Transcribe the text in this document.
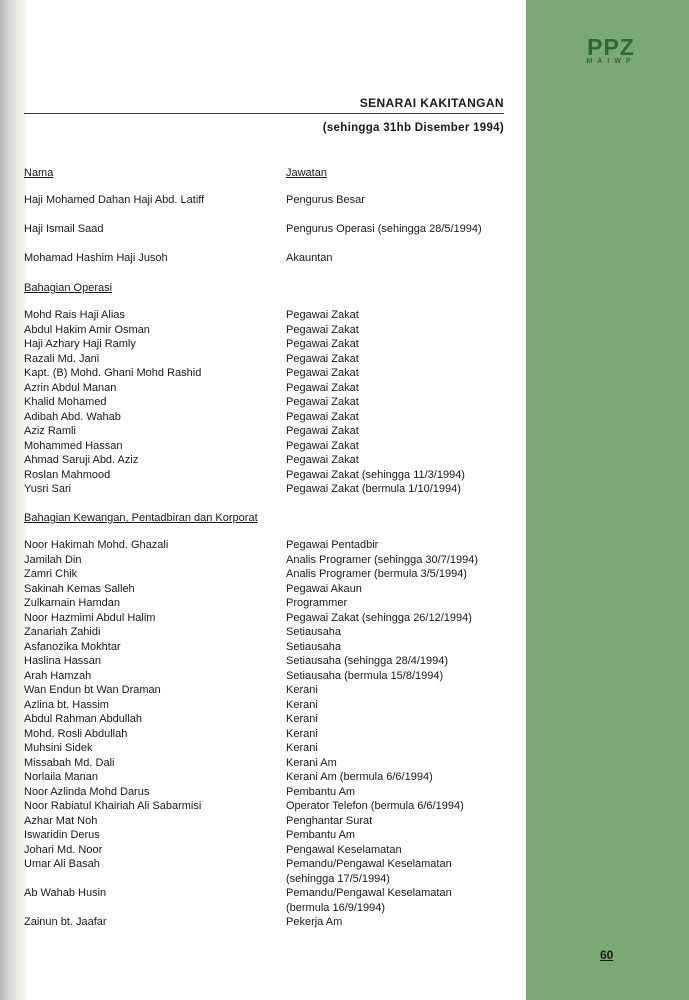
PPZ
MAIWP
SENARAI KAKITANGAN
(sehingga 31hb Disember 1994)
Nama	Jawatan
Haji Mohamed Dahan Haji Abd. Latiff	Pengurus Besar
Haji Ismail Saad	Pengurus Operasi (sehingga 28/5/1994)
Mohamad Hashim Haji Jusoh	Akauntan
Bahagian Operasi
Mohd Rais Haji Alias	Pegawai Zakat
Abdul Hakim Amir Osman	Pegawai Zakat
Haji Azhary Haji Ramly	Pegawai Zakat
Razali Md. Jani	Pegawai Zakat
Kapt. (B) Mohd. Ghani Mohd Rashid	Pegawai Zakat
Azrin Abdul Manan	Pegawai Zakat
Khalid Mohamed	Pegawai Zakat
Adibah Abd. Wahab	Pegawai Zakat
Aziz Ramli	Pegawai Zakat
Mohammed Hassan	Pegawai Zakat
Ahmad Saruji Abd. Aziz	Pegawai Zakat
Roslan Mahmood	Pegawai Zakat (sehingga 11/3/1994)
Yusri Sari	Pegawai Zakat (bermula 1/10/1994)
Bahagian Kewangan, Pentadbiran dan Korporat
Noor Hakimah Mohd. Ghazali	Pegawai Pentadbir
Jamilah Din	Analis Programer (sehingga 30/7/1994)
Zamri Chik	Analis Programer (bermula 3/5/1994)
Sakinah Kemas Salleh	Pegawai Akaun
Zulkarnain Hamdan	Programmer
Noor Hazmimi Abdul Halim	Pegawai Zakat (sehingga 26/12/1994)
Zanariah Zahidi	Setiausaha
Asfanozika Mokhtar	Setiausaha
Haslina Hassan	Setiausaha (sehingga 28/4/1994)
Arah Hamzah	Setiausaha (bermula 15/8/1994)
Wan Endun bt Wan Draman	Kerani
Azlina bt. Hassim	Kerani
Abdul Rahman Abdullah	Kerani
Mohd. Rosli Abdullah	Kerani
Muhsini Sidek	Kerani
Missabah Md. Dali	Kerani Am
Norlaila Manan	Kerani Am (bermula 6/6/1994)
Noor Azlinda Mohd Darus	Pembantu Am
Noor Rabiatul Khairiah Ali Sabarmisi	Operator Telefon (bermula 6/6/1994)
Azhar Mat Noh	Penghantar Surat
Iswaridin Derus	Pembantu Am
Johari Md. Noor	Pengawal Keselamatan
Umar Ali Basah	Pemandu/Pengawal Keselamatan
(sehingga 17/5/1994)
Ab Wahab Husin	Pemandu/Pengawal Keselamatan
(bermula 16/9/1994)
Zainun bt. Jaafar	Pekerja Am
60
